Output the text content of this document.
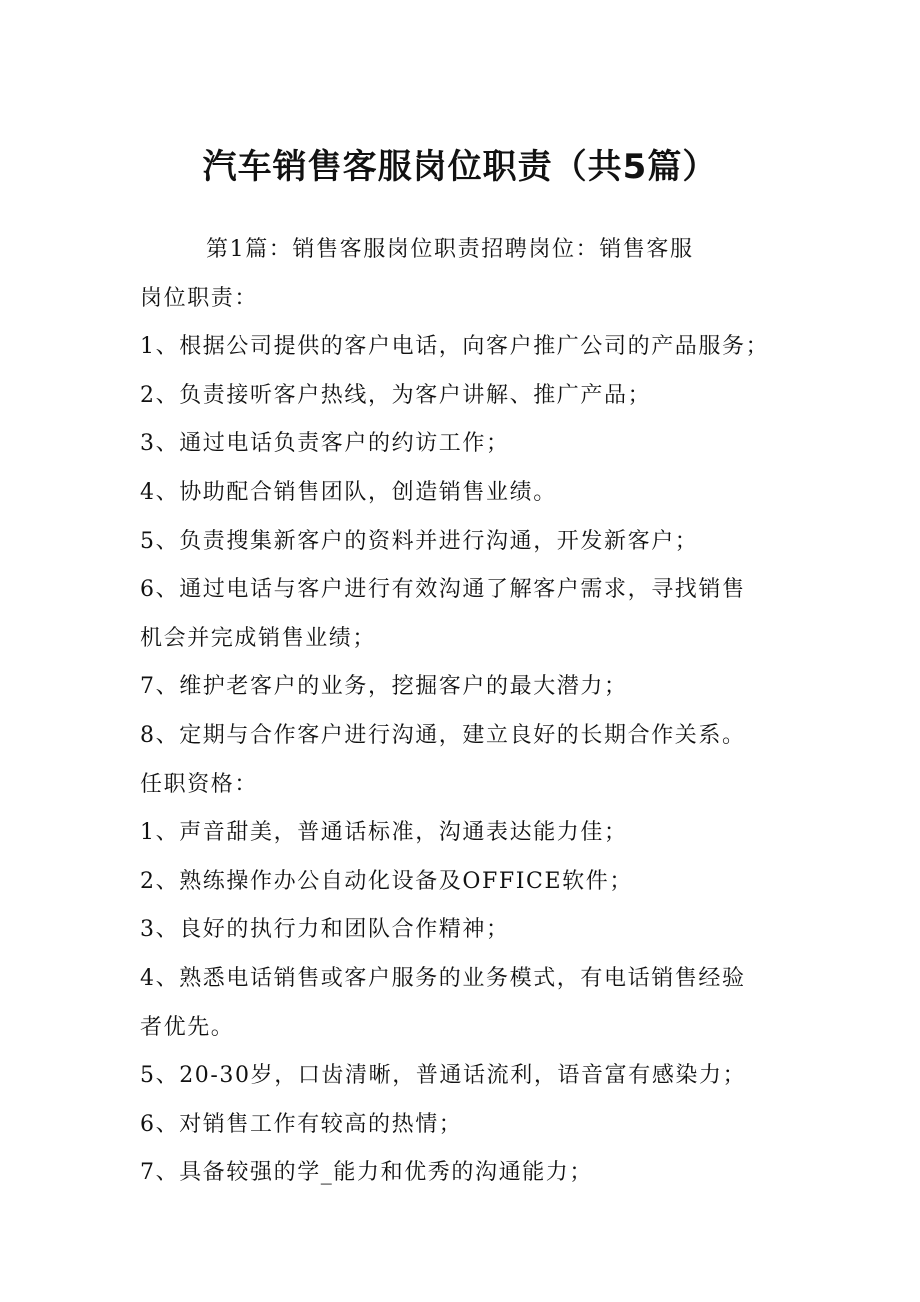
汽车销售客服岗位职责（共5篇）
第1篇：销售客服岗位职责招聘岗位：销售客服
岗位职责：
1、根据公司提供的客户电话，向客户推广公司的产品服务；
2、负责接听客户热线，为客户讲解、推广产品；
3、通过电话负责客户的约访工作；
4、协助配合销售团队，创造销售业绩。
5、负责搜集新客户的资料并进行沟通，开发新客户；
6、通过电话与客户进行有效沟通了解客户需求，寻找销售
机会并完成销售业绩；
7、维护老客户的业务，挖掘客户的最大潜力；
8、定期与合作客户进行沟通，建立良好的长期合作关系。
任职资格：
1、声音甜美，普通话标准，沟通表达能力佳；
2、熟练操作办公自动化设备及OFFICE软件；
3、良好的执行力和团队合作精神；
4、熟悉电话销售或客户服务的业务模式，有电话销售经验
者优先。
5、20-30岁，口齿清晰，普通话流利，语音富有感染力；
6、对销售工作有较高的热情；
7、具备较强的学_能力和优秀的沟通能力；
